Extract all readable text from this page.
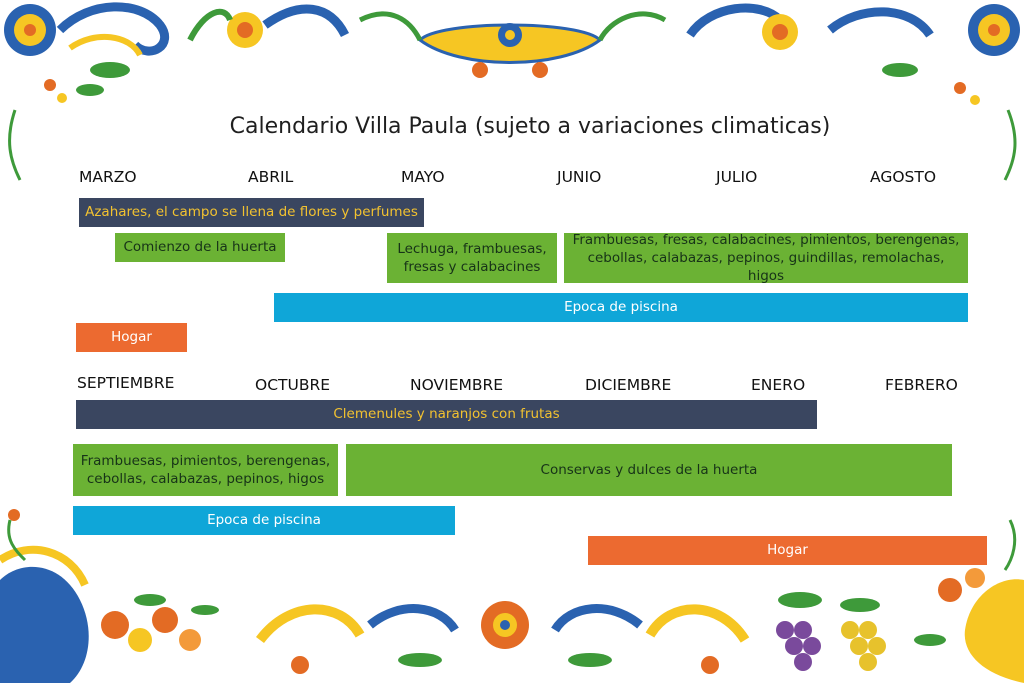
Calendario Villa Paula (sujeto a variaciones climaticas)
MARZO	ABRIL	MAYO	JUNIO	JULIO	AGOSTO
Azahares, el campo se llena de flores y perfumes
Comienzo de la huerta	Lechuga, frambuesas,
fresas y calabacines
Frambuesas, fresas, calabacines, pimientos, berengenas,
cebollas, calabazas, pepinos, guindillas, remolachas, higos
Epoca de piscina
Hogar
SEPTIEMBRE	OCTUBRE	NOVIEMBRE	DICIEMBRE	ENERO	FEBRERO
Clemenules y naranjos con frutas
Frambuesas, pimientos, berengenas,
cebollas, calabazas, pepinos, higos
Conservas y dulces de la huerta
Epoca de piscina
Hogar
